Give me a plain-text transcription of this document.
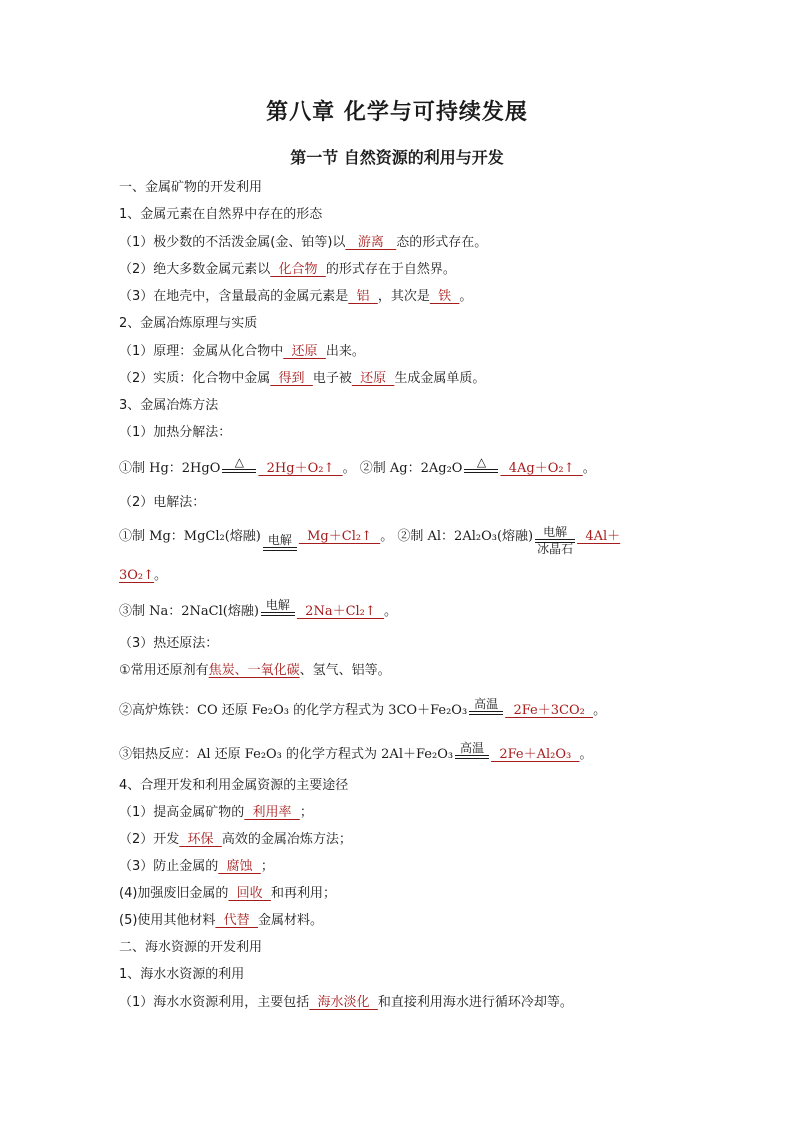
第八章 化学与可持续发展
第一节 自然资源的利用与开发
一、金属矿物的开发利用
1、金属元素在自然界中存在的形态
（1）极少数的不活泼金属(金、铂等)以   游离   态的形式存在。
（2）绝大多数金属元素以  化合物  的形式存在于自然界。
（3）在地壳中，含量最高的金属元素是  铝  ，其次是  铁  。
2、金属冶炼原理与实质
（1）原理：金属从化合物中  还原  出来。
（2）实质：化合物中金属  得到  电子被  还原  生成金属单质。
3、金属冶炼方法
（1）加热分解法：
①制 Hg：2HgO	△	2Hg＋O₂↑  。 ②制 Ag：2Ag₂O	△	4Ag＋O₂↑  。
（2）电解法：
①制 Mg：MgCl₂(熔融) 电解 Mg＋Cl₂↑  。 ②制 Al：2Al₂O₃(熔融) 电解
冰晶石
4Al＋
3O₂↑。
③制 Na：2NaCl(熔融) 电解 2Na＋Cl₂↑  。
（3）热还原法：
①常用还原剂有焦炭、一氧化碳、氢气、铝等。
②高炉炼铁：CO 还原 Fe₂O₃ 的化学方程式为 3CO＋Fe₂O₃ 高温 2Fe＋3CO₂  。
③铝热反应：Al 还原 Fe₂O₃ 的化学方程式为 2Al＋Fe₂O₃ 高温 2Fe＋Al₂O₃  。
4、合理开发和利用金属资源的主要途径
（1）提高金属矿物的  利用率  ；
（2）开发  环保  高效的金属冶炼方法；
（3）防止金属的  腐蚀  ；
(4)加强废旧金属的  回收  和再利用；
(5)使用其他材料  代替  金属材料。
二、海水资源的开发利用
1、海水水资源的利用
（1）海水水资源利用，主要包括  海水淡化  和直接利用海水进行循环冷却等。
